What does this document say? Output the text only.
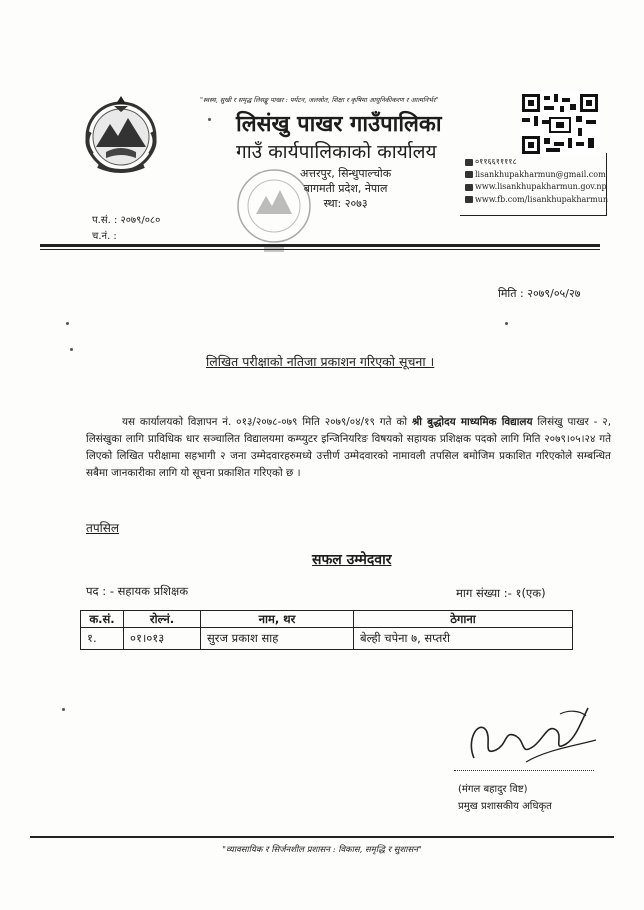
"स्वस्थ, सुखी र समृद्ध लिसङ्खु पाखर : पर्यटन, जलस्रोत, शिक्षा र कृषिमा आधुनिकीकरण र आत्मनिर्भर"
लिसंखु पाखर गाउँपालिका
गाउँ कार्यपालिकाको कार्यालय
अत्तरपुर, सिन्धुपाल्चोक
बागमती प्रदेश, नेपाल
स्था: २०७३
०११६६११११८
lisankhupakharmun@gmail.com
www.lisankhupakharmun.gov.np
www.fb.com/lisankhupakharmun
प.सं. : २०७९/०८०
च.नं. :
मिति : २०७९/०५/२७
लिखित परीक्षाको नतिजा प्रकाशन गरिएको सूचना ।
यस कार्यालयको विज्ञापन नं. ०१३/२०७८-०७९ मिति २०७९/०४/१९ गते को श्री बुद्धोदय माध्यमिक विद्यालय लिसंखु पाखर - २, लिसंखुका लागि प्राविधिक धार सञ्चालित विद्यालयमा कम्प्युटर इन्जिनियरिङ विषयको सहायक प्रशिक्षक पदको लागि मिति २०७९।०५।२४ गते लिएको लिखित परीक्षामा सहभागी २ जना उम्मेदवारहरुमध्ये उत्तीर्ण उम्मेदवारको नामावली तपसिल बमोजिम प्रकाशित गरिएकोले सम्बन्धित सबैमा जानकारीका लागि यो सूचना प्रकाशित गरिएको छ ।
तपसिल
सफल उम्मेदवार
पद : - सहायक प्रशिक्षक	माग संख्या :- १(एक)
क.सं.	रोल्नं.	नाम, थर	ठेगाना
१.	०१।०१३	सुरज प्रकाश साह	बेल्ही चपेना ७, सप्तरी
(मंगल बहादुर विष्ट)
प्रमुख प्रशासकीय अधिकृत
"व्यावसायिक र सिर्जनशील प्रशासन : विकास, समृद्धि र सुशासन"
